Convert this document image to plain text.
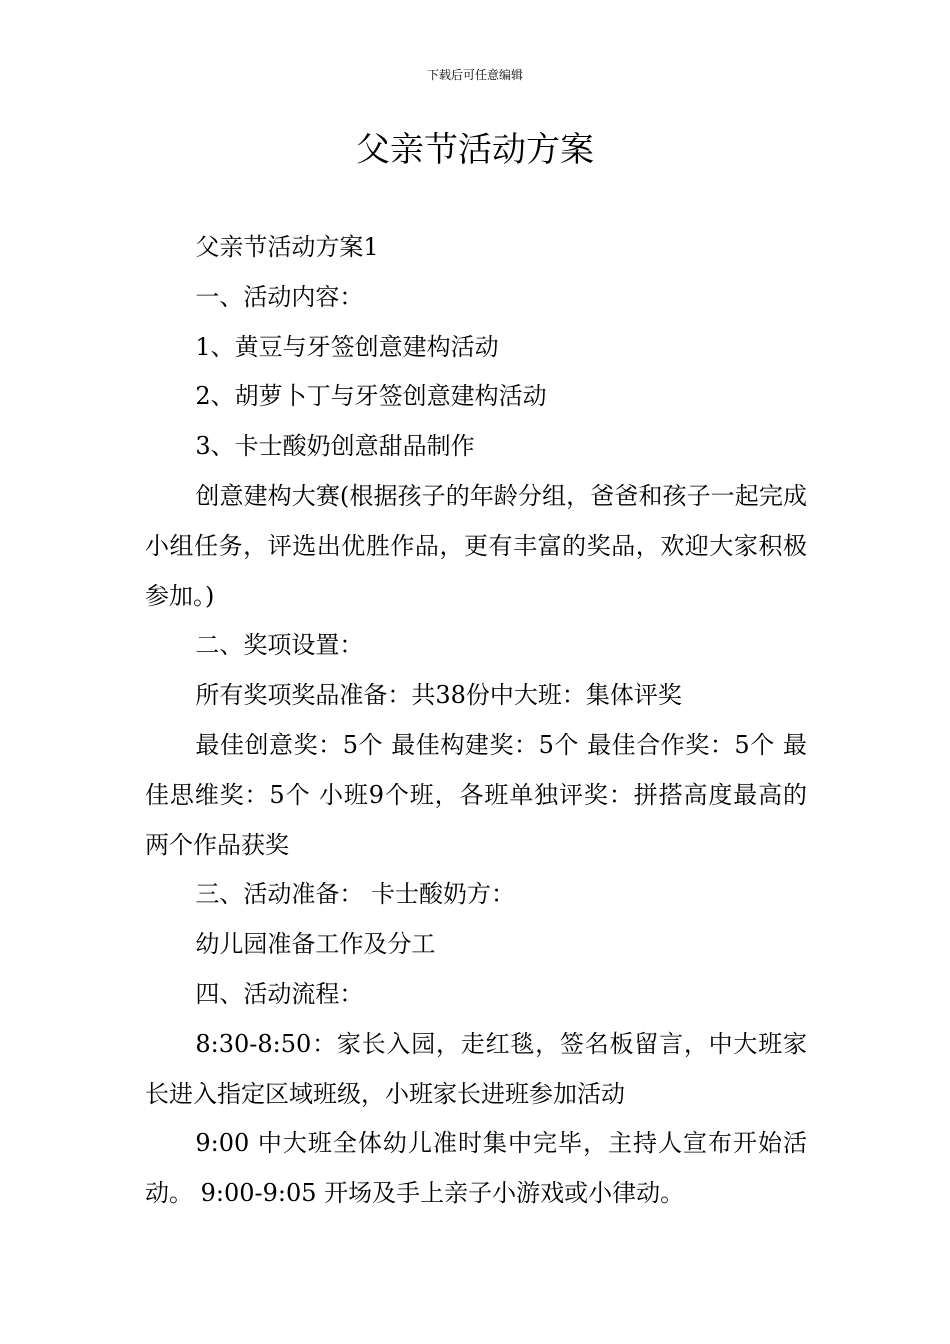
下载后可任意编辑
父亲节活动方案

父亲节活动方案1

一、活动内容：

1、黄豆与牙签创意建构活动

2、胡萝卜丁与牙签创意建构活动

3、卡士酸奶创意甜品制作

创意建构大赛(根据孩子的年龄分组，爸爸和孩子一起完成小组任务，评选出优胜作品，更有丰富的奖品，欢迎大家积极参加。)

二、奖项设置：

所有奖项奖品准备：共38份中大班：集体评奖

最佳创意奖：5个 最佳构建奖：5个 最佳合作奖：5个 最佳思维奖：5个 小班9个班，各班单独评奖：拼搭高度最高的两个作品获奖

三、活动准备： 卡士酸奶方：

幼儿园准备工作及分工

四、活动流程：

8:30-8:50：家长入园，走红毯，签名板留言，中大班家长进入指定区域班级，小班家长进班参加活动

9:00 中大班全体幼儿准时集中完毕，主持人宣布开始活动。 9:00-9:05 开场及手上亲子小游戏或小律动。
